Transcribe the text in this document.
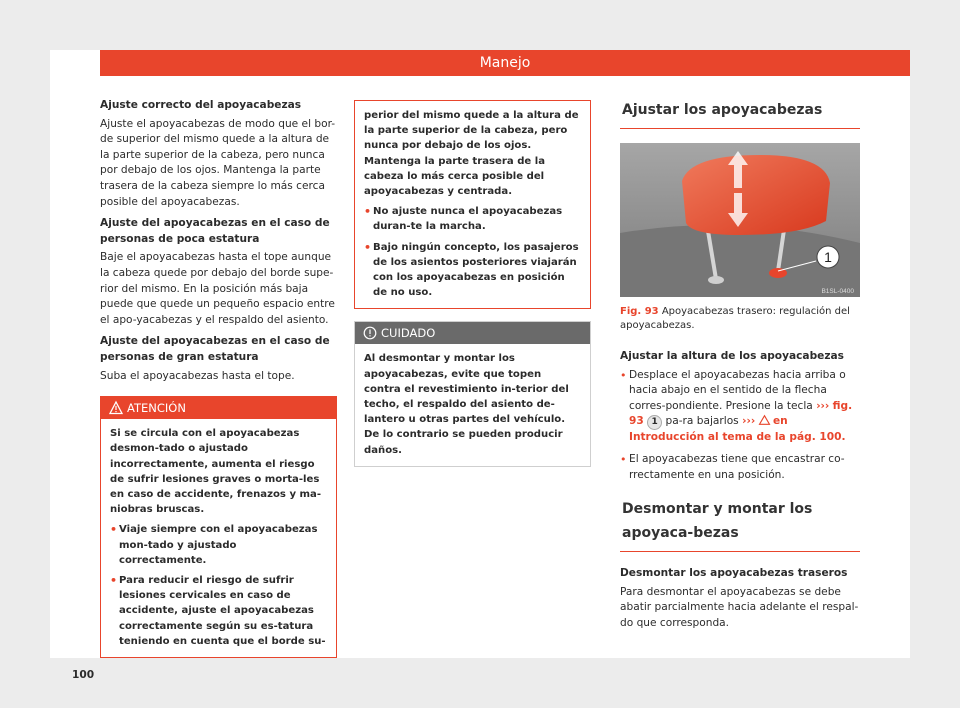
Manejo

Ajuste correcto del apoyacabezas

Ajuste el apoyacabezas de modo que el bor-de superior del mismo quede a la altura de la parte superior de la cabeza, pero nunca por debajo de los ojos. Mantenga la parte trasera de la cabeza siempre lo más cerca posible del apoyacabezas.

Ajuste del apoyacabezas en el caso de personas de poca estatura

Baje el apoyacabezas hasta el tope aunque la cabeza quede por debajo del borde supe-rior del mismo. En la posición más baja puede que quede un pequeño espacio entre el apo-yacabezas y el respaldo del asiento.

Ajuste del apoyacabezas en el caso de personas de gran estatura

Suba el apoyacabezas hasta el tope.

ATENCIÓN

Si se circula con el apoyacabezas desmon-tado o ajustado incorrectamente, aumenta el riesgo de sufrir lesiones graves o morta-les en caso de accidente, frenazos y ma-niobras bruscas.

• Viaje siempre con el apoyacabezas mon-tado y ajustado correctamente.

• Para reducir el riesgo de sufrir lesiones cervicales en caso de accidente, ajuste el apoyacabezas correctamente según su es-tatura teniendo en cuenta que el borde su-

100

perior del mismo quede a la altura de la parte superior de la cabeza, pero nunca por debajo de los ojos. Mantenga la parte trasera de la cabeza lo más cerca posible del apoyacabezas y centrada.

• No ajuste nunca el apoyacabezas duran-te la marcha.

• Bajo ningún concepto, los pasajeros de los asientos posteriores viajarán con los apoyacabezas en posición de no uso.

CUIDADO

Al desmontar y montar los apoyacabezas, evite que topen contra el revestimiento in-terior del techo, el respaldo del asiento de-lantero u otras partes del vehículo. De lo contrario se pueden producir daños.

Ajustar los apoyacabezas
1
B1SL-0400
Fig. 93 Apoyacabezas trasero: regulación del apoyacabezas.

Ajustar la altura de los apoyacabezas

• Desplace el apoyacabezas hacia arriba o hacia abajo en el sentido de la flecha corres-pondiente. Presione la tecla ››› fig. 93 1 pa-ra bajarlos ››› en Introducción al tema de la pág. 100.

• El apoyacabezas tiene que encastrar co-rrectamente en una posición.

Desmontar y montar los apoyaca-bezas

Desmontar los apoyacabezas traseros

Para desmontar el apoyacabezas se debe abatir parcialmente hacia adelante el respal-do que corresponda.
